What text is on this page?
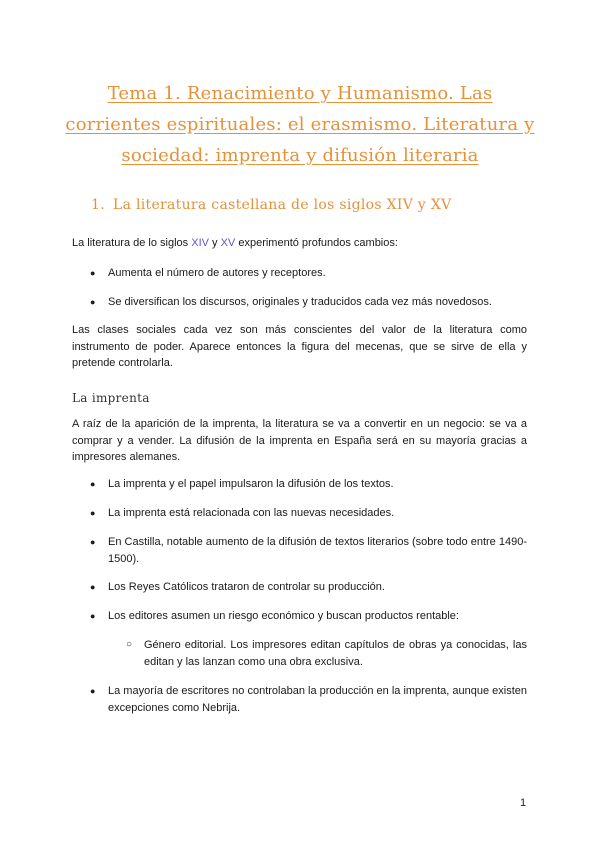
Tema 1. Renacimiento y Humanismo. Las corrientes espirituales: el erasmismo. Literatura y sociedad: imprenta y difusión literaria
1. La literatura castellana de los siglos XIV y XV
La literatura de lo siglos XIV y XV experimentó profundos cambios:
● Aumenta el número de autores y receptores.
● Se diversifican los discursos, originales y traducidos cada vez más novedosos.
Las clases sociales cada vez son más conscientes del valor de la literatura como instrumento de poder. Aparece entonces la figura del mecenas, que se sirve de ella y pretende controlarla.
La imprenta
A raíz de la aparición de la imprenta, la literatura se va a convertir en un negocio: se va a comprar y a vender. La difusión de la imprenta en España será en su mayoría gracias a impresores alemanes.
● La imprenta y el papel impulsaron la difusión de los textos.
● La imprenta está relacionada con las nuevas necesidades.
● En Castilla, notable aumento de la difusión de textos literarios (sobre todo entre 1490-1500).
● Los Reyes Católicos trataron de controlar su producción.
● Los editores asumen un riesgo económico y buscan productos rentable:
○ Género editorial. Los impresores editan capítulos de obras ya conocidas, las editan y las lanzan como una obra exclusiva.
● La mayoría de escritores no controlaban la producción en la imprenta, aunque existen excepciones como Nebrija.
1
